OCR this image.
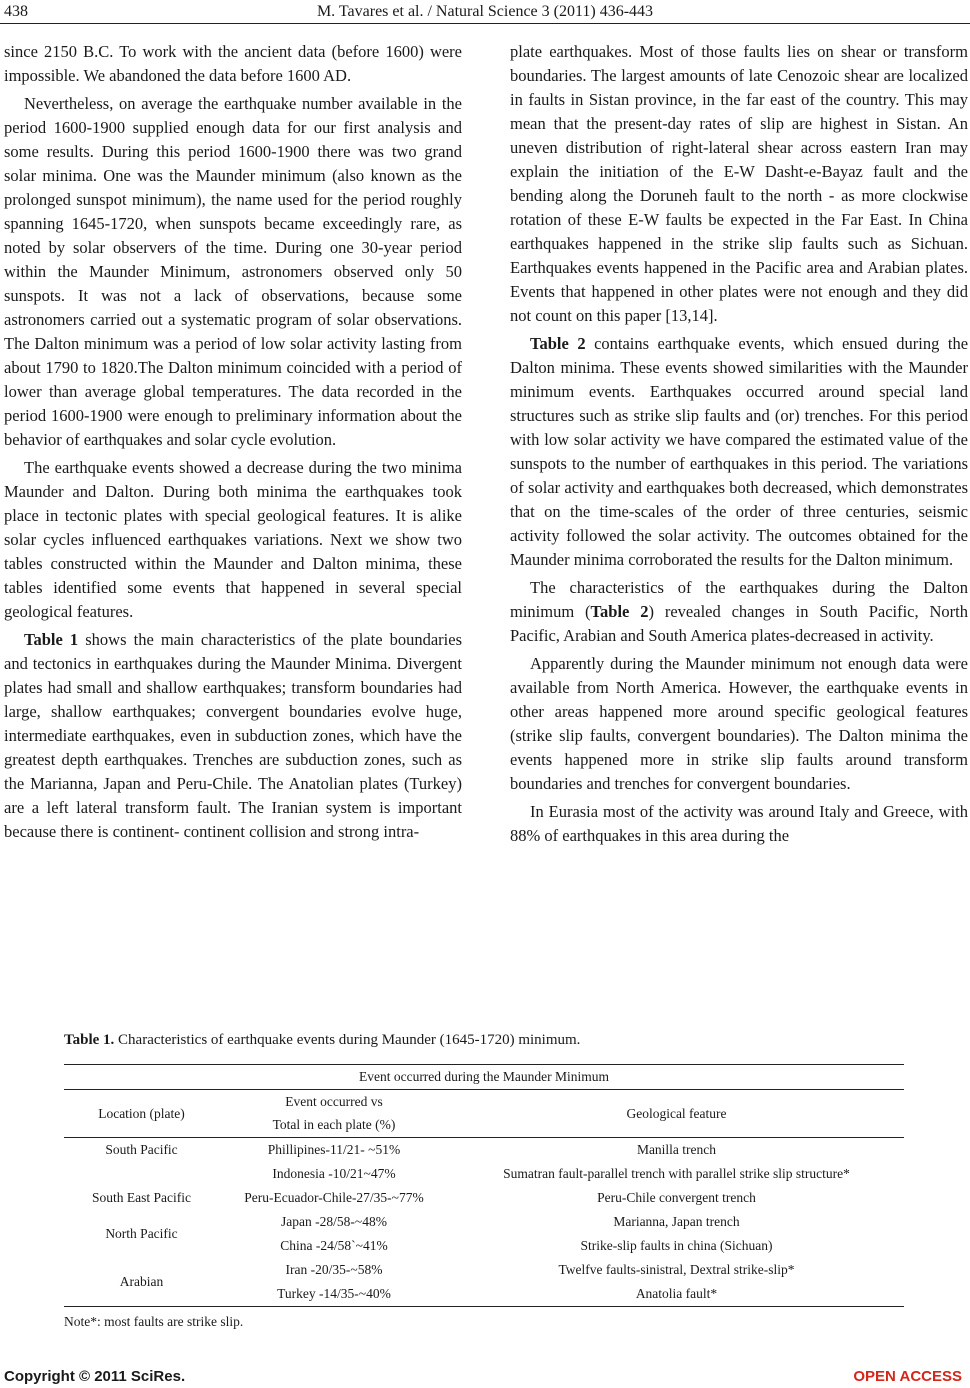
438	M. Tavares et al. / Natural Science 3 (2011) 436-443

since 2150 B.C. To work with the ancient data (before 1600) were impossible. We abandoned the data before 1600 AD.

Nevertheless, on average the earthquake number available in the period 1600-1900 supplied enough data for our first analysis and some results. During this period 1600-1900 there was two grand solar minima. One was the Maunder minimum (also known as the prolonged sunspot minimum), the name used for the period roughly spanning 1645-1720, when sunspots became exceedingly rare, as noted by solar observers of the time. During one 30-year period within the Maunder Minimum, astronomers observed only 50 sunspots. It was not a lack of observations, because some astronomers carried out a systematic program of solar observations. The Dalton minimum was a period of low solar activity lasting from about 1790 to 1820.The Dalton minimum coincided with a period of lower than average global temperatures. The data recorded in the period 1600-1900 were enough to preliminary information about the behavior of earthquakes and solar cycle evolution.

The earthquake events showed a decrease during the two minima Maunder and Dalton. During both minima the earthquakes took place in tectonic plates with special geological features. It is alike solar cycles influenced earthquakes variations. Next we show two tables constructed within the Maunder and Dalton minima, these tables identified some events that happened in several special geological features.

Table 1 shows the main characteristics of the plate boundaries and tectonics in earthquakes during the Maunder Minima. Divergent plates had small and shallow earthquakes; transform boundaries had large, shallow earthquakes; convergent boundaries evolve huge, intermediate earthquakes, even in subduction zones, which have the greatest depth earthquakes. Trenches are subduction zones, such as the Marianna, Japan and Peru-Chile. The Anatolian plates (Turkey) are a left lateral transform fault. The Iranian system is important because there is continent- continent collision and strong intra-

plate earthquakes. Most of those faults lies on shear or transform boundaries. The largest amounts of late Cenozoic shear are localized in faults in Sistan province, in the far east of the country. This may mean that the present-day rates of slip are highest in Sistan. An uneven distribution of right-lateral shear across eastern Iran may explain the initiation of the E-W Dasht-e-Bayaz fault and the bending along the Doruneh fault to the north - as more clockwise rotation of these E-W faults be expected in the Far East. In China earthquakes happened in the strike slip faults such as Sichuan. Earthquakes events happened in the Pacific area and Arabian plates. Events that happened in other plates were not enough and they did not count on this paper [13,14].

Table 2 contains earthquake events, which ensued during the Dalton minima. These events showed similarities with the Maunder minimum events. Earthquakes occurred around special land structures such as strike slip faults and (or) trenches. For this period with low solar activity we have compared the estimated value of the sunspots to the number of earthquakes in this period. The variations of solar activity and earthquakes both decreased, which demonstrates that on the time-scales of the order of three centuries, seismic activity followed the solar activity. The outcomes obtained for the Maunder minima corroborated the results for the Dalton minimum.

The characteristics of the earthquakes during the Dalton minimum (Table 2) revealed changes in South Pacific, North Pacific, Arabian and South America plates-decreased in activity.

Apparently during the Maunder minimum not enough data were available from North America. However, the earthquake events in other areas happened more around specific geological features (strike slip faults, convergent boundaries). The Dalton minima the events happened more in strike slip faults around transform boundaries and trenches for convergent boundaries.

In Eurasia most of the activity was around Italy and Greece, with 88% of earthquakes in this area during the

Table 1. Characteristics of earthquake events during Maunder (1645-1720) minimum.
Event occurred during the Maunder Minimum		
Location (plate)	Event occurred vs	Geological feature
	Total in each plate (%)	
South Pacific	Phillipines-11/21- ~51%	Manilla trench
	Indonesia -10/21~47%	Sumatran fault-parallel trench with parallel strike slip structure*
South East Pacific	Peru-Ecuador-Chile-27/35-~77%	Peru-Chile convergent trench
North Pacific	Japan -28/58-~48%	Marianna, Japan trench
	China -24/58`~41%	Strike-slip faults in china (Sichuan)
Arabian	Iran -20/35-~58%	Twelfve faults-sinistral, Dextral strike-slip*
	Turkey -14/35-~40%	Anatolia fault*
Note*: most faults are strike slip.
Copyright © 2011 SciRes.	OPEN ACCESS
